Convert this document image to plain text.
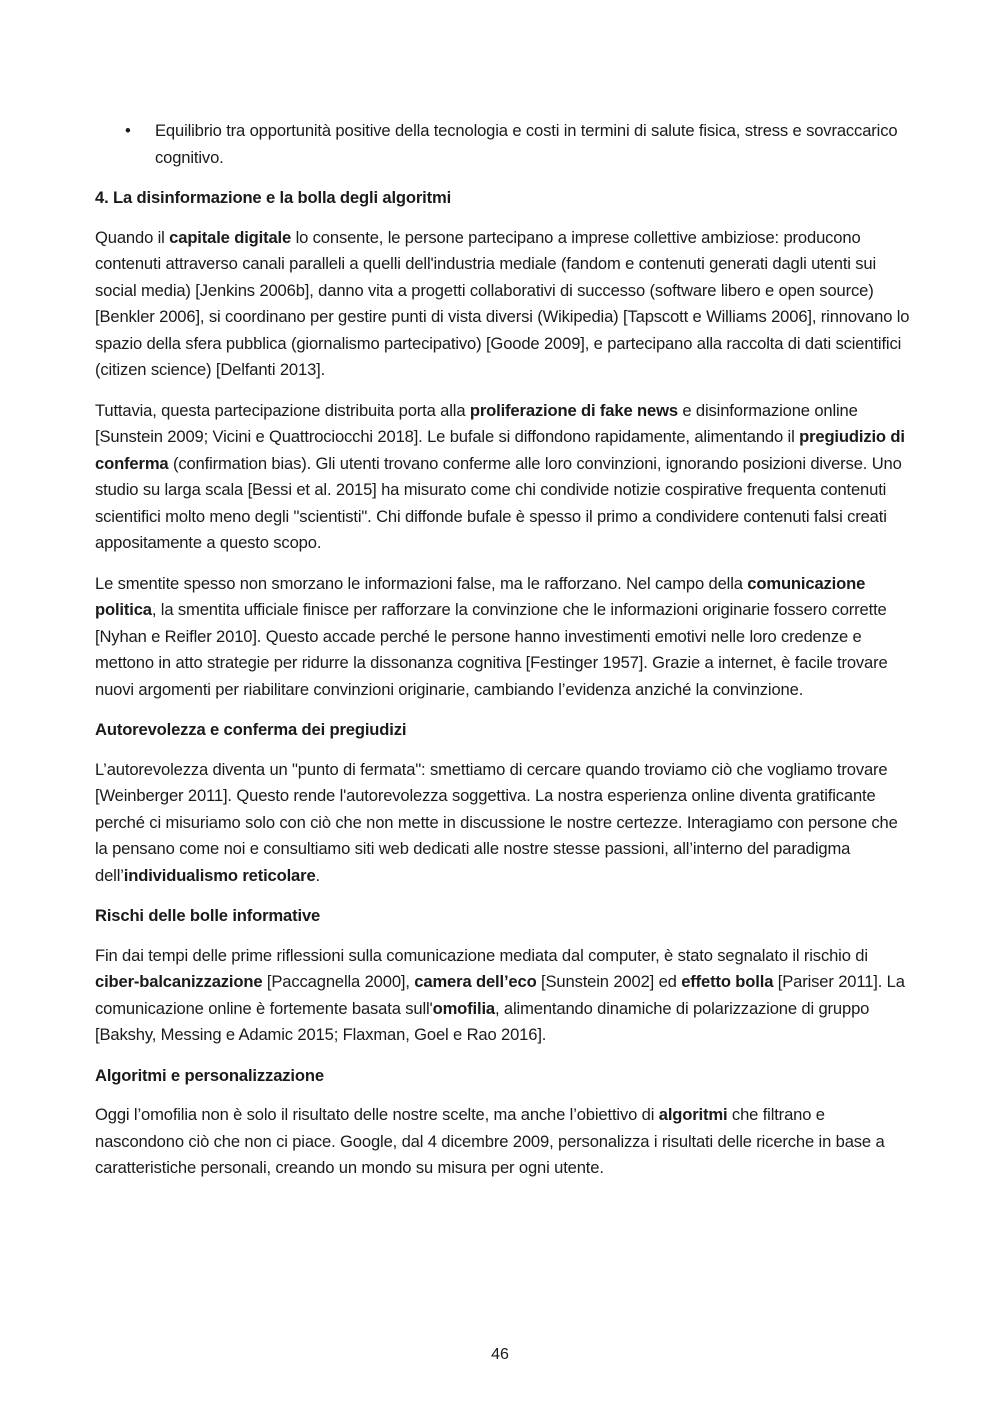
• Equilibrio tra opportunità positive della tecnologia e costi in termini di salute fisica, stress e sovraccarico cognitivo.
4. La disinformazione e la bolla degli algoritmi

Quando il capitale digitale lo consente, le persone partecipano a imprese collettive ambiziose: producono contenuti attraverso canali paralleli a quelli dell'industria mediale (fandom e contenuti generati dagli utenti sui social media) [Jenkins 2006b], danno vita a progetti collaborativi di successo (software libero e open source) [Benkler 2006], si coordinano per gestire punti di vista diversi (Wikipedia) [Tapscott e Williams 2006], rinnovano lo spazio della sfera pubblica (giornalismo partecipativo) [Goode 2009], e partecipano alla raccolta di dati scientifici (citizen science) [Delfanti 2013].

Tuttavia, questa partecipazione distribuita porta alla proliferazione di fake news e disinformazione online [Sunstein 2009; Vicini e Quattrociocchi 2018]. Le bufale si diffondono rapidamente, alimentando il pregiudizio di conferma (confirmation bias). Gli utenti trovano conferme alle loro convinzioni, ignorando posizioni diverse. Uno studio su larga scala [Bessi et al. 2015] ha misurato come chi condivide notizie cospirative frequenta contenuti scientifici molto meno degli "scientisti". Chi diffonde bufale è spesso il primo a condividere contenuti falsi creati appositamente a questo scopo.

Le smentite spesso non smorzano le informazioni false, ma le rafforzano. Nel campo della comunicazione politica, la smentita ufficiale finisce per rafforzare la convinzione che le informazioni originarie fossero corrette [Nyhan e Reifler 2010]. Questo accade perché le persone hanno investimenti emotivi nelle loro credenze e mettono in atto strategie per ridurre la dissonanza cognitiva [Festinger 1957]. Grazie a internet, è facile trovare nuovi argomenti per riabilitare convinzioni originarie, cambiando l’evidenza anziché la convinzione.

Autorevolezza e conferma dei pregiudizi

L’autorevolezza diventa un "punto di fermata": smettiamo di cercare quando troviamo ciò che vogliamo trovare [Weinberger 2011]. Questo rende l'autorevolezza soggettiva. La nostra esperienza online diventa gratificante perché ci misuriamo solo con ciò che non mette in discussione le nostre certezze. Interagiamo con persone che la pensano come noi e consultiamo siti web dedicati alle nostre stesse passioni, all’interno del paradigma dell’individualismo reticolare.

Rischi delle bolle informative

Fin dai tempi delle prime riflessioni sulla comunicazione mediata dal computer, è stato segnalato il rischio di ciber-balcanizzazione [Paccagnella 2000], camera dell’eco [Sunstein 2002] ed effetto bolla [Pariser 2011]. La comunicazione online è fortemente basata sull'omofilia, alimentando dinamiche di polarizzazione di gruppo [Bakshy, Messing e Adamic 2015; Flaxman, Goel e Rao 2016].

Algoritmi e personalizzazione

Oggi l’omofilia non è solo il risultato delle nostre scelte, ma anche l’obiettivo di algoritmi che filtrano e nascondono ciò che non ci piace. Google, dal 4 dicembre 2009, personalizza i risultati delle ricerche in base a caratteristiche personali, creando un mondo su misura per ogni utente.

46
